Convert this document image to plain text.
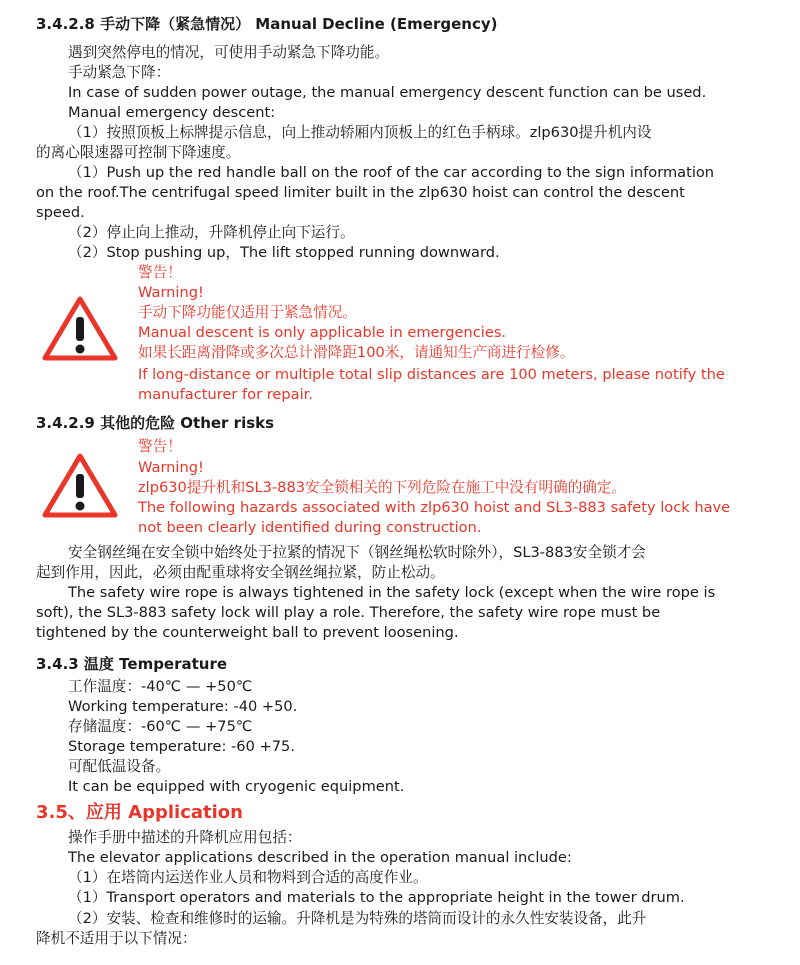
3.4.2.8 手动下降（紧急情况） Manual Decline (Emergency)
遇到突然停电的情况，可使用手动紧急下降功能。
手动紧急下降：
In case of sudden power outage, the manual emergency descent function can be used.
Manual emergency descent:
（1）按照顶板上标牌提示信息，向上推动轿厢内顶板上的红色手柄球。zlp630提升机内设
的离心限速器可控制下降速度。
（1）Push up the red handle ball on the roof of the car according to the sign information
on the roof.The centrifugal speed limiter built in the zlp630 hoist can control the descent
speed.
（2）停止向上推动，升降机停止向下运行。
（2）Stop pushing up，The lift stopped running downward.
警告！
Warning!
手动下降功能仅适用于紧急情况。
Manual descent is only applicable in emergencies.
如果长距离滑降或多次总计滑降距100米，请通知生产商进行检修。
If long-distance or multiple total slip distances are 100 meters, please notify the
manufacturer for repair.
3.4.2.9 其他的危险 Other risks
警告！
Warning!
zlp630提升机和SL3-883安全锁相关的下列危险在施工中没有明确的确定。
The following hazards associated with zlp630 hoist and SL3-883 safety lock have
not been clearly identified during construction.
安全钢丝绳在安全锁中始终处于拉紧的情况下（钢丝绳松软时除外），SL3-883安全锁才会
起到作用，因此，必须由配重球将安全钢丝绳拉紧，防止松动。
The safety wire rope is always tightened in the safety lock (except when the wire rope is
soft), the SL3-883 safety lock will play a role. Therefore, the safety wire rope must be
tightened by the counterweight ball to prevent loosening.
3.4.3 温度 Temperature
工作温度：-40℃ — +50℃
Working temperature: -40 +50.
存储温度：-60℃ — +75℃
Storage temperature: -60 +75.
可配低温设备。
It can be equipped with cryogenic equipment.
3.5、应用 Application
操作手册中描述的升降机应用包括：
The elevator applications described in the operation manual include:
（1）在塔筒内运送作业人员和物料到合适的高度作业。
（1）Transport operators and materials to the appropriate height in the tower drum.
（2）安装、检查和维修时的运输。升降机是为特殊的塔筒而设计的永久性安装设备，此升
降机不适用于以下情况：
